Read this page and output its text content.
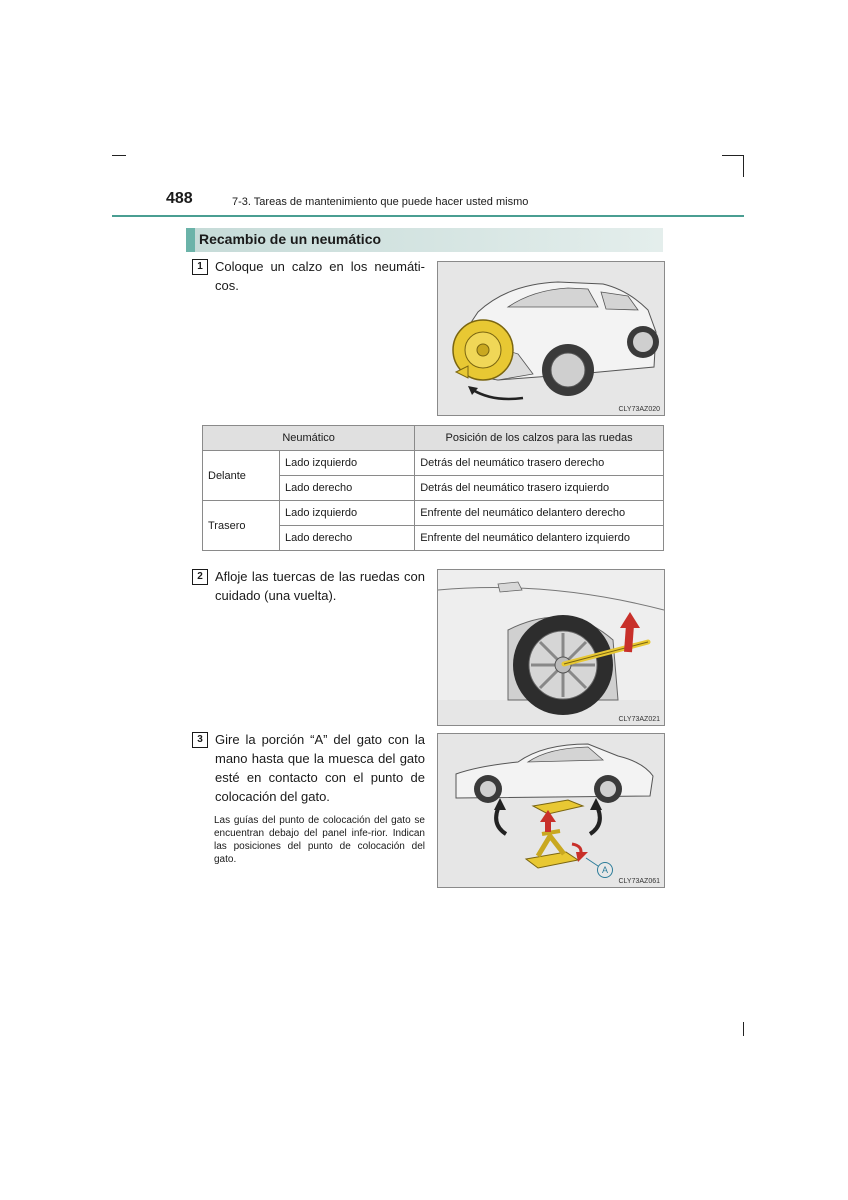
488	7-3. Tareas de mantenimiento que puede hacer usted mismo
Recambio de un neumático
1 Coloque un calzo en los neumáti-cos.
CLY73AZ020
Neumático		Posición de los calzos para las ruedas
Delante	Lado izquierdo	Detrás del neumático trasero derecho
	Lado derecho	Detrás del neumático trasero izquierdo
Trasero	Lado izquierdo	Enfrente del neumático delantero derecho
	Lado derecho	Enfrente del neumático delantero izquierdo
2 Afloje las tuercas de las ruedas con cuidado (una vuelta).
CLY73AZ021
3 Gire la porción “A” del gato con la mano hasta que la muesca del gato esté en contacto con el punto de colocación del gato.
Las guías del punto de colocación del gato se encuentran debajo del panel infe-rior. Indican las posiciones del punto de colocación del gato.
A
CLY73AZ061
